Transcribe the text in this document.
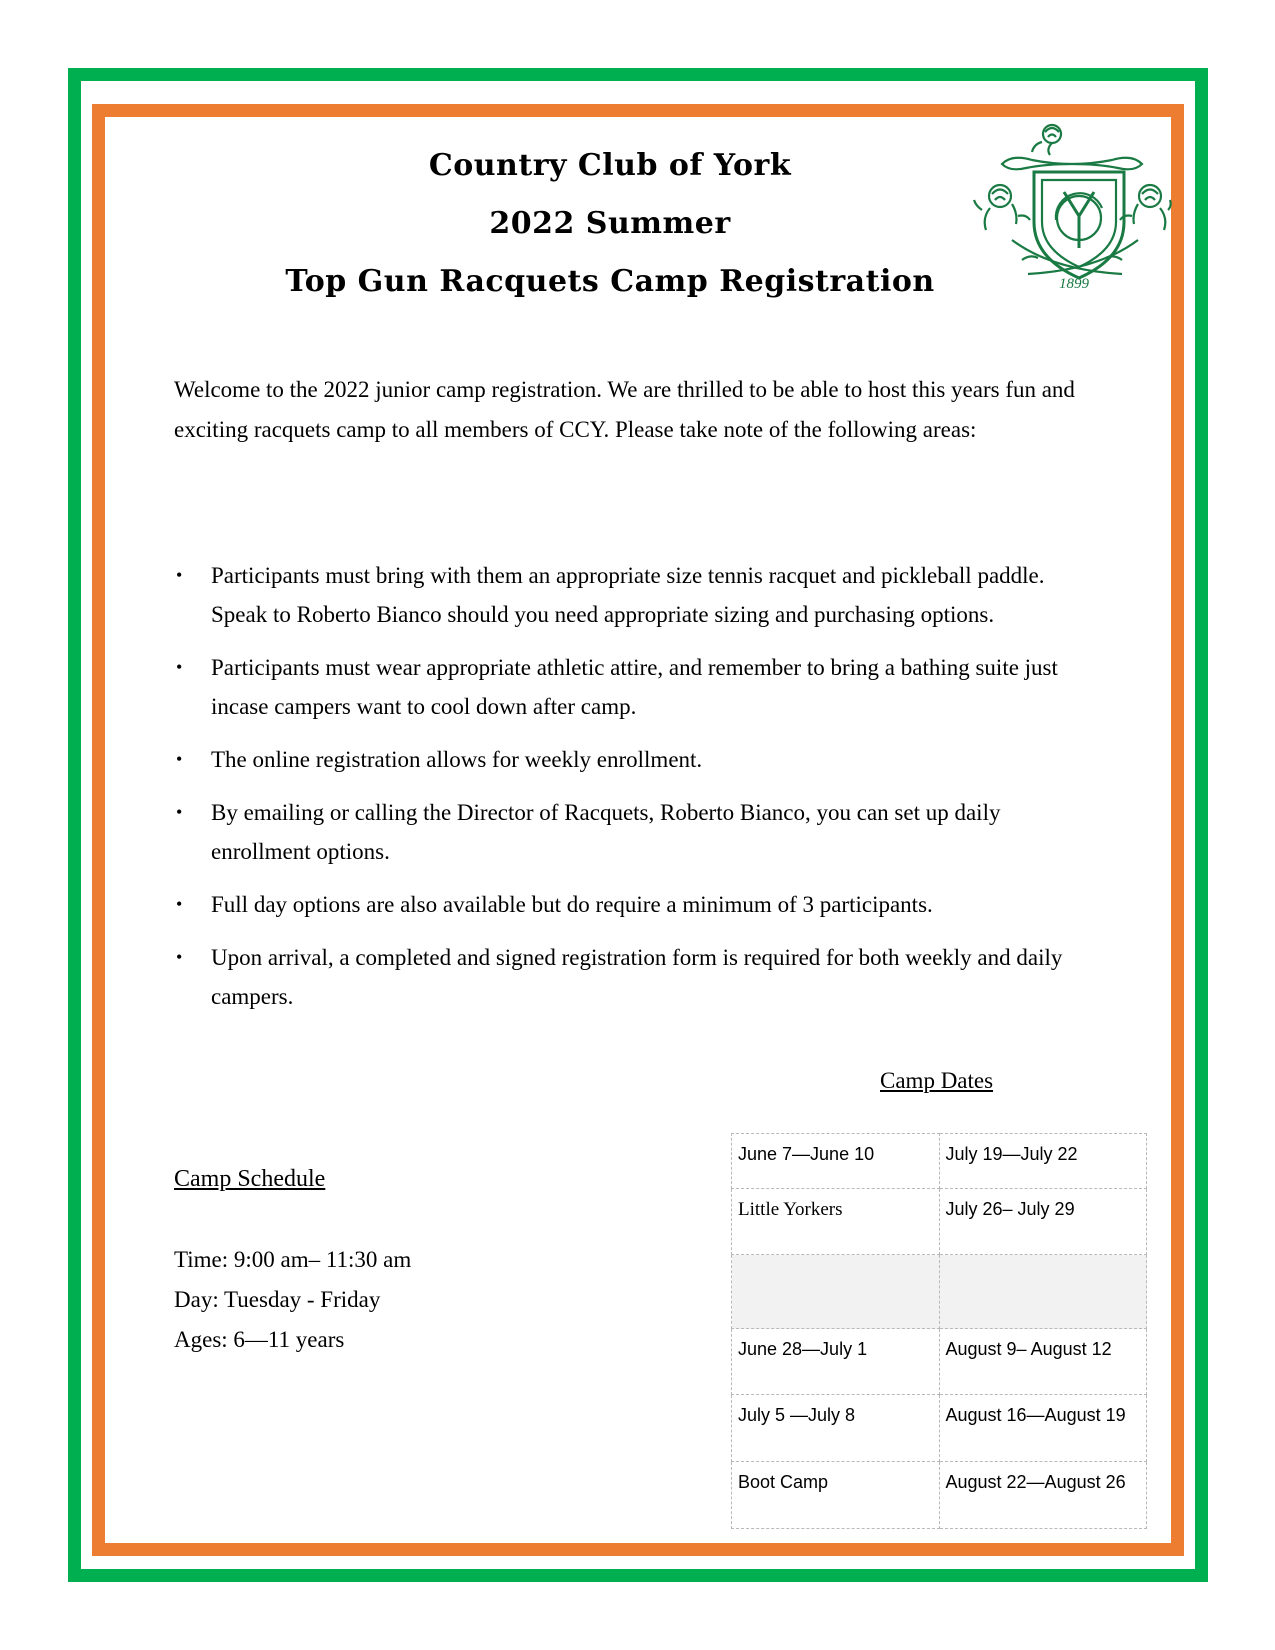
Country Club of York
2022 Summer
Top Gun Racquets Camp Registration	1899
Welcome to the 2022 junior camp registration. We are thrilled to be able to host this years fun and exciting racquets camp to all members of CCY. Please take note of the following areas:
• Participants must bring with them an appropriate size tennis racquet and pickleball paddle. Speak to Roberto Bianco should you need appropriate sizing and purchasing options.
• Participants must wear appropriate athletic attire, and remember to bring a bathing suite just incase campers want to cool down after camp.
• The online registration allows for weekly enrollment.
• By emailing or calling the Director of Racquets, Roberto Bianco, you can set up daily enrollment options.
• Full day options are also available but do require a minimum of 3 participants.
• Upon arrival, a completed and signed registration form is required for both weekly and daily campers.
Camp Dates
June 7—June 10	July 19—July 22
Little Yorkers	July 26– July 29

June 28—July 1	August 9– August 12
July 5 —July 8	August 16—August 19
Boot Camp	August 22—August 26
Camp Schedule
Time: 9:00 am– 11:30 am
Day: Tuesday - Friday
Ages: 6—11 years
